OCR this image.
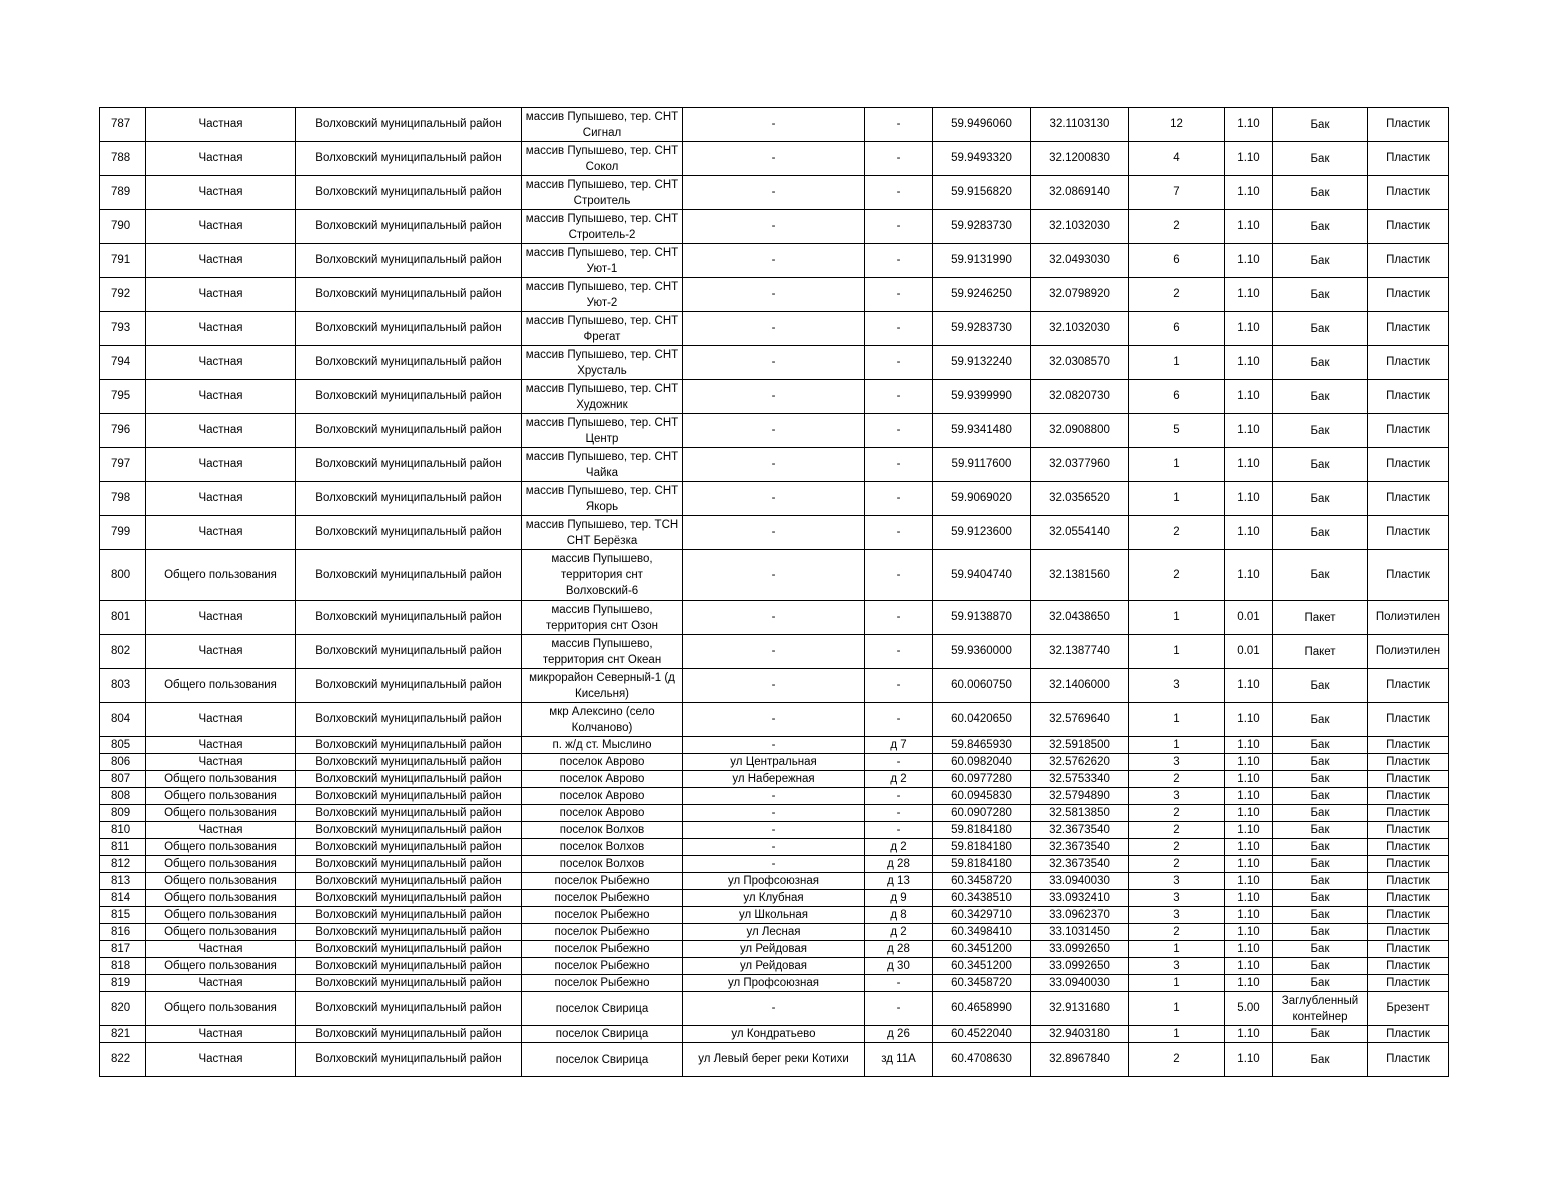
787	Частная	Волховский муниципальный район	массив Пупышево, тер. СНТ Сигнал	-	-	59.9496060	32.1103130	12	1.10	Бак	Пластик
788	Частная	Волховский муниципальный район	массив Пупышево, тер. СНТ Сокол	-	-	59.9493320	32.1200830	4	1.10	Бак	Пластик
789	Частная	Волховский муниципальный район	массив Пупышево, тер. СНТ Строитель	-	-	59.9156820	32.0869140	7	1.10	Бак	Пластик
790	Частная	Волховский муниципальный район	массив Пупышево, тер. СНТ Строитель-2	-	-	59.9283730	32.1032030	2	1.10	Бак	Пластик
791	Частная	Волховский муниципальный район	массив Пупышево, тер. СНТ Уют-1	-	-	59.9131990	32.0493030	6	1.10	Бак	Пластик
792	Частная	Волховский муниципальный район	массив Пупышево, тер. СНТ Уют-2	-	-	59.9246250	32.0798920	2	1.10	Бак	Пластик
793	Частная	Волховский муниципальный район	массив Пупышево, тер. СНТ Фрегат	-	-	59.9283730	32.1032030	6	1.10	Бак	Пластик
794	Частная	Волховский муниципальный район	массив Пупышево, тер. СНТ Хрусталь	-	-	59.9132240	32.0308570	1	1.10	Бак	Пластик
795	Частная	Волховский муниципальный район	массив Пупышево, тер. СНТ Художник	-	-	59.9399990	32.0820730	6	1.10	Бак	Пластик
796	Частная	Волховский муниципальный район	массив Пупышево, тер. СНТ Центр	-	-	59.9341480	32.0908800	5	1.10	Бак	Пластик
797	Частная	Волховский муниципальный район	массив Пупышево, тер. СНТ Чайка	-	-	59.9117600	32.0377960	1	1.10	Бак	Пластик
798	Частная	Волховский муниципальный район	массив Пупышево, тер. СНТ Якорь	-	-	59.9069020	32.0356520	1	1.10	Бак	Пластик
799	Частная	Волховский муниципальный район	массив Пупышево, тер. ТСН СНТ Берёзка	-	-	59.9123600	32.0554140	2	1.10	Бак	Пластик
800	Общего пользования	Волховский муниципальный район	массив Пупышево, территория снт Волховский-6	-	-	59.9404740	32.1381560	2	1.10	Бак	Пластик
801	Частная	Волховский муниципальный район	массив Пупышево, территория снт Озон	-	-	59.9138870	32.0438650	1	0.01	Пакет	Полиэтилен
802	Частная	Волховский муниципальный район	массив Пупышево, территория снт Океан	-	-	59.9360000	32.1387740	1	0.01	Пакет	Полиэтилен
803	Общего пользования	Волховский муниципальный район	микрорайон Северный-1 (д Кисельня)	-	-	60.0060750	32.1406000	3	1.10	Бак	Пластик
804	Частная	Волховский муниципальный район	мкр Алексино (село Колчаново)	-	-	60.0420650	32.5769640	1	1.10	Бак	Пластик
805	Частная	Волховский муниципальный район	п. ж/д ст. Мыслино	-	д 7	59.8465930	32.5918500	1	1.10	Бак	Пластик
806	Частная	Волховский муниципальный район	поселок Аврово	ул Центральная	-	60.0982040	32.5762620	3	1.10	Бак	Пластик
807	Общего пользования	Волховский муниципальный район	поселок Аврово	ул Набережная	д 2	60.0977280	32.5753340	2	1.10	Бак	Пластик
808	Общего пользования	Волховский муниципальный район	поселок Аврово	-	-	60.0945830	32.5794890	3	1.10	Бак	Пластик
809	Общего пользования	Волховский муниципальный район	поселок Аврово	-	-	60.0907280	32.5813850	2	1.10	Бак	Пластик
810	Частная	Волховский муниципальный район	поселок Волхов	-	-	59.8184180	32.3673540	2	1.10	Бак	Пластик
811	Общего пользования	Волховский муниципальный район	поселок Волхов	-	д 2	59.8184180	32.3673540	2	1.10	Бак	Пластик
812	Общего пользования	Волховский муниципальный район	поселок Волхов	-	д 28	59.8184180	32.3673540	2	1.10	Бак	Пластик
813	Общего пользования	Волховский муниципальный район	поселок Рыбежно	ул Профсоюзная	д 13	60.3458720	33.0940030	3	1.10	Бак	Пластик
814	Общего пользования	Волховский муниципальный район	поселок Рыбежно	ул Клубная	д 9	60.3438510	33.0932410	3	1.10	Бак	Пластик
815	Общего пользования	Волховский муниципальный район	поселок Рыбежно	ул Школьная	д 8	60.3429710	33.0962370	3	1.10	Бак	Пластик
816	Общего пользования	Волховский муниципальный район	поселок Рыбежно	ул Лесная	д 2	60.3498410	33.1031450	2	1.10	Бак	Пластик
817	Частная	Волховский муниципальный район	поселок Рыбежно	ул Рейдовая	д 28	60.3451200	33.0992650	1	1.10	Бак	Пластик
818	Общего пользования	Волховский муниципальный район	поселок Рыбежно	ул Рейдовая	д 30	60.3451200	33.0992650	3	1.10	Бак	Пластик
819	Частная	Волховский муниципальный район	поселок Рыбежно	ул Профсоюзная	-	60.3458720	33.0940030	1	1.10	Бак	Пластик
820	Общего пользования	Волховский муниципальный район	поселок Свирица	-	-	60.4658990	32.9131680	1	5.00	Заглубленный контейнер	Брезент
821	Частная	Волховский муниципальный район	поселок Свирица	ул Кондратьево	д 26	60.4522040	32.9403180	1	1.10	Бак	Пластик
822	Частная	Волховский муниципальный район	поселок Свирица	ул Левый берег реки Котихи	зд 11А	60.4708630	32.8967840	2	1.10	Бак	Пластик
